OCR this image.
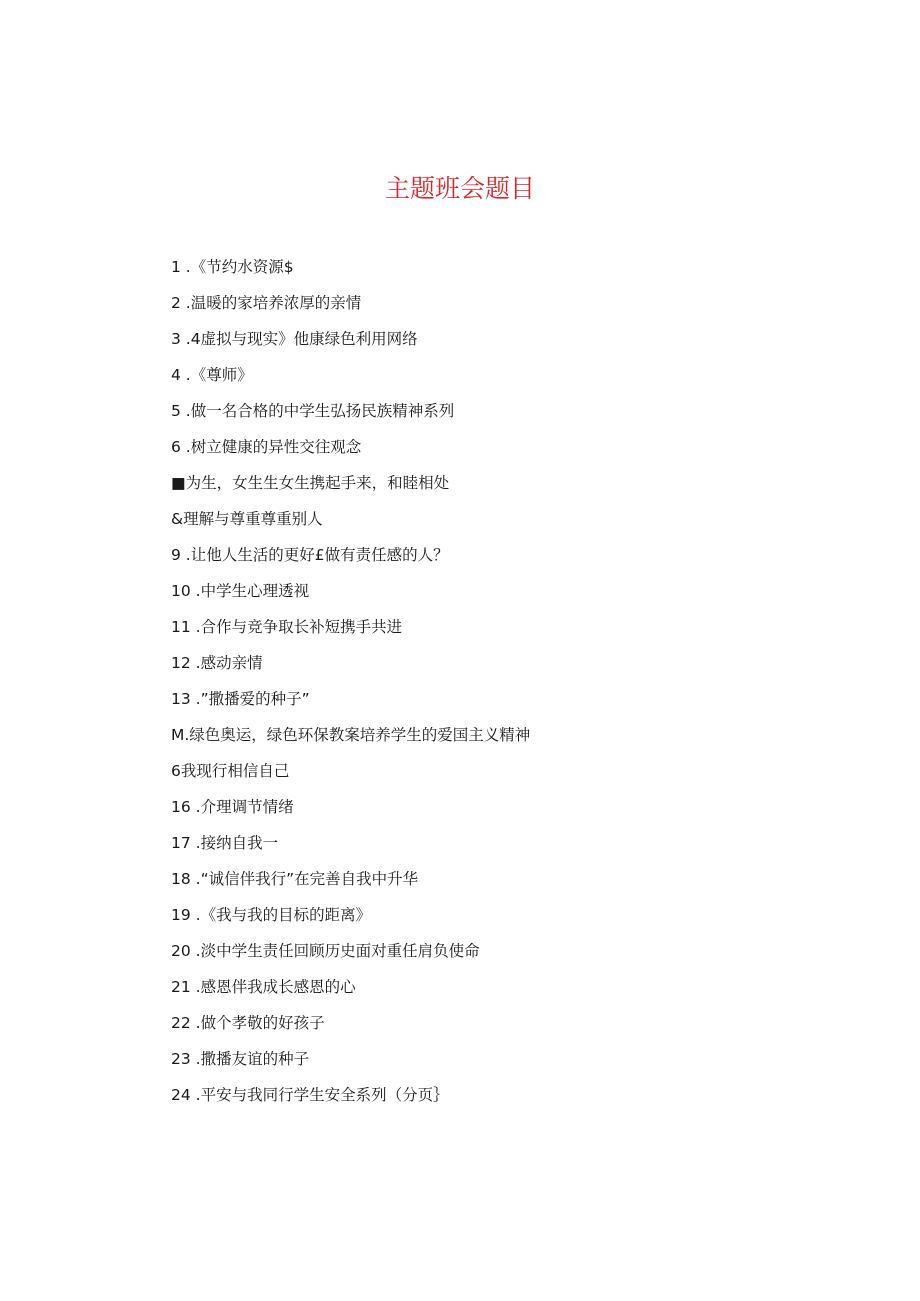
主题班会题目
1 .《节约水资源$
2 .温暖的家培养浓厚的亲情
3 .4虚拟与现实》他康绿色利用网络
4 .《尊师》
5 .做一名合格的中学生弘扬民族精神系列
6 .树立健康的异性交往观念
■为生，女生生女生携起手来，和睦相处
&理解与尊重尊重别人
9 .让他人生活的更好£做有责任感的人？
10 .中学生心理透视
11 .合作与竞争取长补短携手共进
12 .感动亲情
13 .”撒播爱的种子”
M.绿色奥运，绿色环保教案培养学生的爱国主义精神
6我现行相信自己
16 .介理调节情绪
17 .接纳自我一
18 .“诚信伴我行”在完善自我中升华
19 .《我与我的目标的距离》
20 .淡中学生责任回顾历史面对重任肩负使命
21 .感恩伴我成长感恩的心
22 .做个孝敬的好孩子
23 .撒播友谊的种子
24 .平安与我同行学生安全系列（分页｝
